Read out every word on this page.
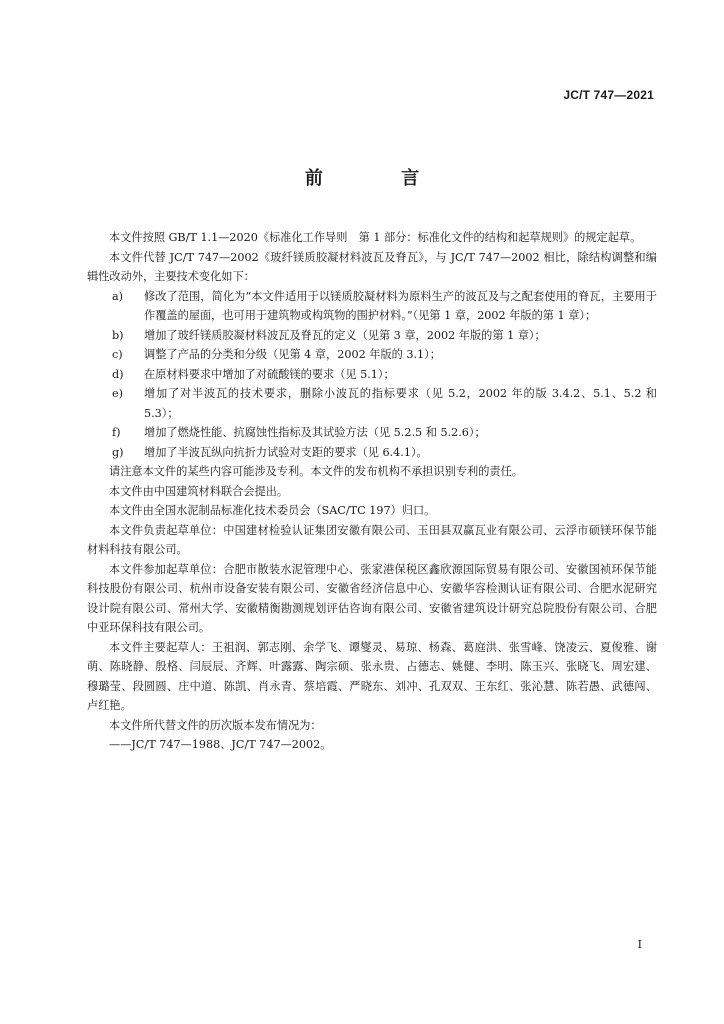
JC/T 747—2021
前 言

本文件按照 GB/T 1.1—2020《标准化工作导则　第 1 部分：标准化文件的结构和起草规则》的规定起草。

本文件代替 JC/T 747—2002《玻纤镁质胶凝材料波瓦及脊瓦》，与 JC/T 747—2002 相比，除结构调整和编辑性改动外，主要技术变化如下：

a)	修改了范围，简化为“本文件适用于以镁质胶凝材料为原料生产的波瓦及与之配套使用的脊瓦，主要用于作覆盖的屋面，也可用于建筑物或构筑物的围护材料。”（见第 1 章，2002 年版的第 1 章）；
b)	增加了玻纤镁质胶凝材料波瓦及脊瓦的定义（见第 3 章，2002 年版的第 1 章）；
c)	调整了产品的分类和分级（见第 4 章，2002 年版的 3.1）；
d)	在原材料要求中增加了对硫酸镁的要求（见 5.1）；
e)	增加了对半波瓦的技术要求，删除小波瓦的指标要求（见 5.2，2002 年的版 3.4.2、5.1、5.2 和 5.3）；
f)	增加了燃烧性能、抗腐蚀性指标及其试验方法（见 5.2.5 和 5.2.6）；
g)	增加了半波瓦纵向抗折力试验对支距的要求（见 6.4.1）。

请注意本文件的某些内容可能涉及专利。本文件的发布机构不承担识别专利的责任。

本文件由中国建筑材料联合会提出。

本文件由全国水泥制品标准化技术委员会（SAC/TC 197）归口。

本文件负责起草单位：中国建材检验认证集团安徽有限公司、玉田县双赢瓦业有限公司、云浮市硕镁环保节能材料科技有限公司。

本文件参加起草单位：合肥市散装水泥管理中心、张家港保税区鑫欣源国际贸易有限公司、安徽国祯环保节能科技股份有限公司、杭州市设备安装有限公司、安徽省经济信息中心、安徽华容检测认证有限公司、合肥水泥研究设计院有限公司、常州大学、安徽精衡勘测规划评估咨询有限公司、安徽省建筑设计研究总院股份有限公司、合肥中亚环保科技有限公司。

本文件主要起草人：王祖润、郭志刚、余学飞、谭燮灵、易琼、杨森、葛庭洪、张雪峰、饶凌云、夏俊雅、谢萌、陈晓静、殷格、闫辰辰、齐辉、叶露露、陶宗硕、张永贵、占德志、姚健、李明、陈玉兴、张晓飞、周宏建、穆璐莹、段圆圆、庄中道、陈凯、肖永青、蔡培霞、严晓东、刘冲、孔双双、王东红、张沁慧、陈若愚、武德闯、卢红艳。

本文件所代替文件的历次版本发布情况为：

——JC/T 747—1988、JC/T 747—2002。

I
